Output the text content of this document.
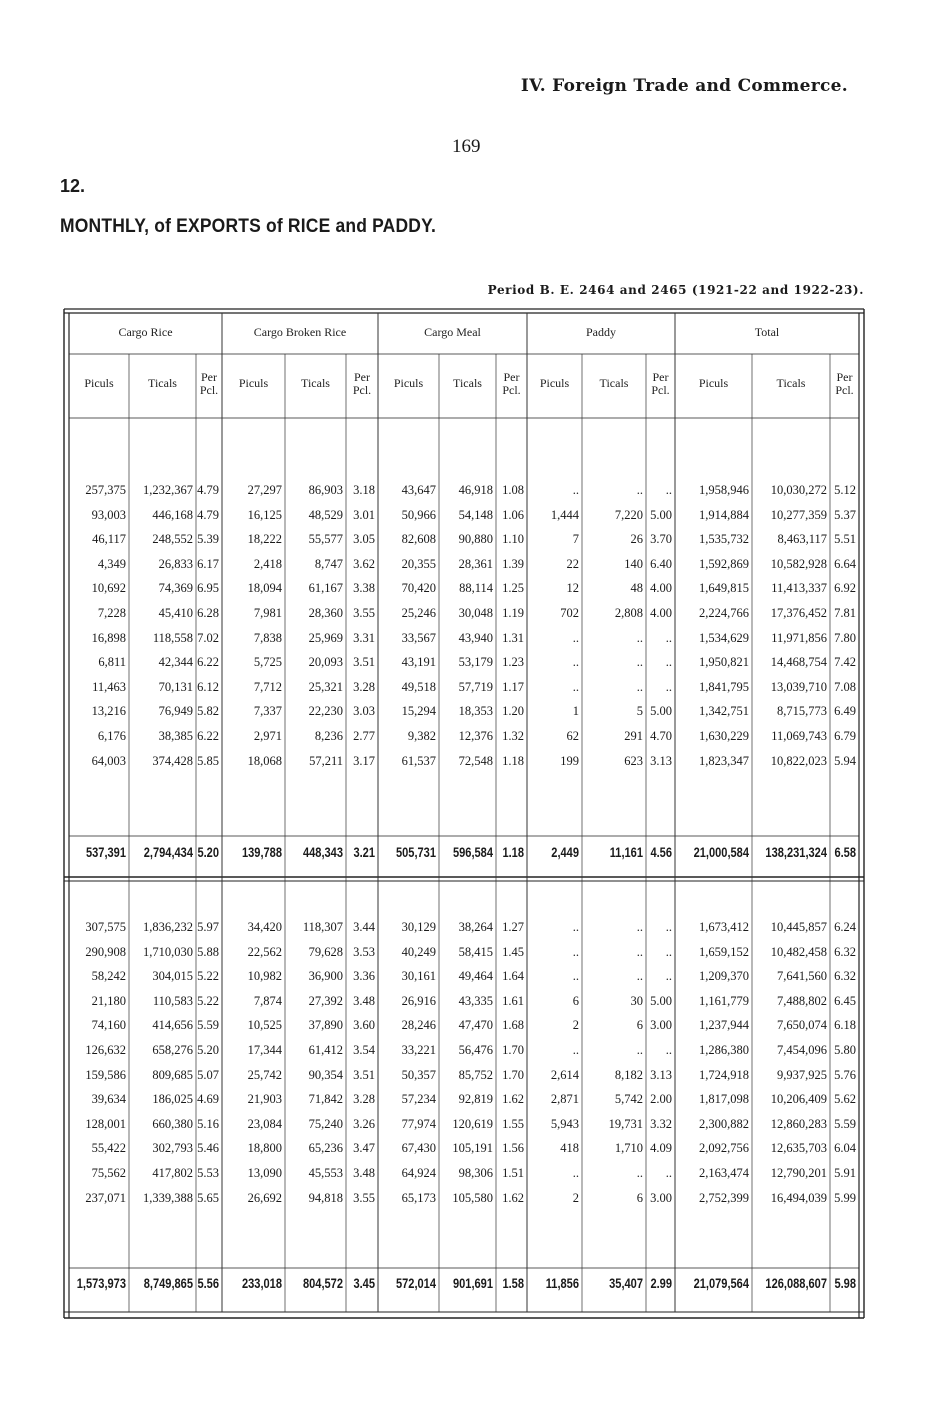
IV. Foreign Trade and Commerce.
169
12.
MONTHLY, of EXPORTS of RICE and PADDY.
Period B. E. 2464 and 2465 (1921-22 and 1922-23).
Cargo Rice
Piculs	Ticals	Per Pcl.
Cargo Broken Rice
Piculs	Ticals	Per Pcl.
Cargo Meal
Piculs	Ticals	Per Pcl.
Paddy
Piculs	Ticals	Per Pcl.
Total
Piculs	Ticals	Per Pcl.
257,375	1,232,367 4.79	27,297	86,903 3.18	43,647	46,918 1.08	..	..	..	1,958,946	10,030,272 5.12
93,003	446,168 4.79	16,125	48,529 3.01	50,966	54,148 1.06	1,444	7,220 5.00	1,914,884	10,277,359 5.37
46,117	248,552 5.39	18,222	55,577 3.05	82,608	90,880 1.10	7	26 3.70	1,535,732	8,463,117 5.51
4,349	26,833 6.17	2,418	8,747 3.62	20,355	28,361 1.39	22	140 6.40	1,592,869	10,582,928 6.64
10,692	74,369 6.95	18,094	61,167 3.38	70,420	88,114 1.25	12	48 4.00	1,649,815	11,413,337 6.92
7,228	45,410 6.28	7,981	28,360 3.55	25,246	30,048 1.19	702	2,808 4.00	2,224,766	17,376,452 7.81
16,898	118,558 7.02	7,838	25,969 3.31	33,567	43,940 1.31	..	..	..	1,534,629	11,971,856 7.80
6,811	42,344 6.22	5,725	20,093 3.51	43,191	53,179 1.23	..	..	..	1,950,821	14,468,754 7.42
11,463	70,131 6.12	7,712	25,321 3.28	49,518	57,719 1.17	..	..	..	1,841,795	13,039,710 7.08
13,216	76,949 5.82	7,337	22,230 3.03	15,294	18,353 1.20	1	5 5.00	1,342,751	8,715,773 6.49
6,176	38,385 6.22	2,971	8,236 2.77	9,382	12,376 1.32	62	291 4.70	1,630,229	11,069,743 6.79
64,003	374,428 5.85	18,068	57,211 3.17	61,537	72,548 1.18	199	623 3.13	1,823,347	10,822,023 5.94
537,391	2,794,434 5.20	139,788	448,343 3.21	505,731	596,584 1.18	2,449	11,161 4.56	21,000,584	138,231,324 6.58
307,575	1,836,232 5.97	34,420	118,307 3.44	30,129	38,264 1.27	..	..	..	1,673,412	10,445,857 6.24
290,908	1,710,030 5.88	22,562	79,628 3.53	40,249	58,415 1.45	..	..	..	1,659,152	10,482,458 6.32
58,242	304,015 5.22	10,982	36,900 3.36	30,161	49,464 1.64	..	..	..	1,209,370	7,641,560 6.32
21,180	110,583 5.22	7,874	27,392 3.48	26,916	43,335 1.61	6	30 5.00	1,161,779	7,488,802 6.45
74,160	414,656 5.59	10,525	37,890 3.60	28,246	47,470 1.68	2	6 3.00	1,237,944	7,650,074 6.18
126,632	658,276 5.20	17,344	61,412 3.54	33,221	56,476 1.70	..	..	..	1,286,380	7,454,096 5.80
159,586	809,685 5.07	25,742	90,354 3.51	50,357	85,752 1.70	2,614	8,182 3.13	1,724,918	9,937,925 5.76
39,634	186,025 4.69	21,903	71,842 3.28	57,234	92,819 1.62	2,871	5,742 2.00	1,817,098	10,206,409 5.62
128,001	660,380 5.16	23,084	75,240 3.26	77,974	120,619 1.55	5,943	19,731 3.32	2,300,882	12,860,283 5.59
55,422	302,793 5.46	18,800	65,236 3.47	67,430	105,191 1.56	418	1,710 4.09	2,092,756	12,635,703 6.04
75,562	417,802 5.53	13,090	45,553 3.48	64,924	98,306 1.51	..	..	..	2,163,474	12,790,201 5.91
237,071	1,339,388 5.65	26,692	94,818 3.55	65,173	105,580 1.62	2	6 3.00	2,752,399	16,494,039 5.99
1,573,973	8,749,865 5.56	233,018	804,572 3.45	572,014	901,691 1.58	11,856	35,407 2.99	21,079,564	126,088,607 5.98
